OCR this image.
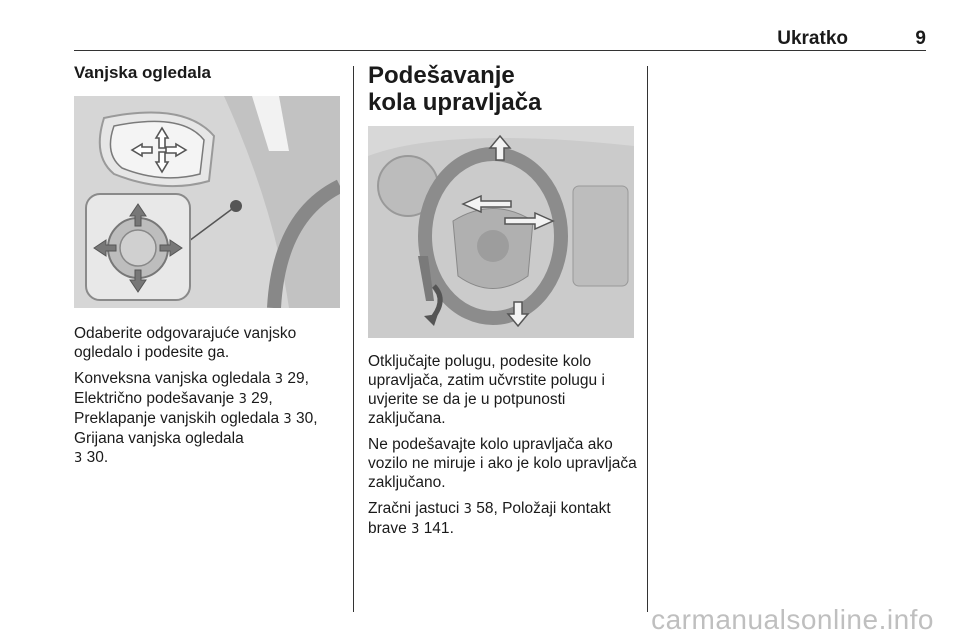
Ukratko	9
Vanjska ogledala

Odaberite odgovarajuće vanjsko ogledalo i podesite ga.

Konveksna vanjska ogledala 3 29, Električno podešavanje 3 29, Preklapanje vanjskih ogledala 3 30, Grijana vanjska ogledala
3 30.

Podešavanje kola upravljača

Otključajte polugu, podesite kolo upravljača, zatim učvrstite polugu i uvjerite se da je u potpunosti zaključana.

Ne podešavajte kolo upravljača ako vozilo ne miruje i ako je kolo upravljača zaključano.

Zračni jastuci 3 58, Položaji kontakt brave 3 141.

carmanualsonline.info
